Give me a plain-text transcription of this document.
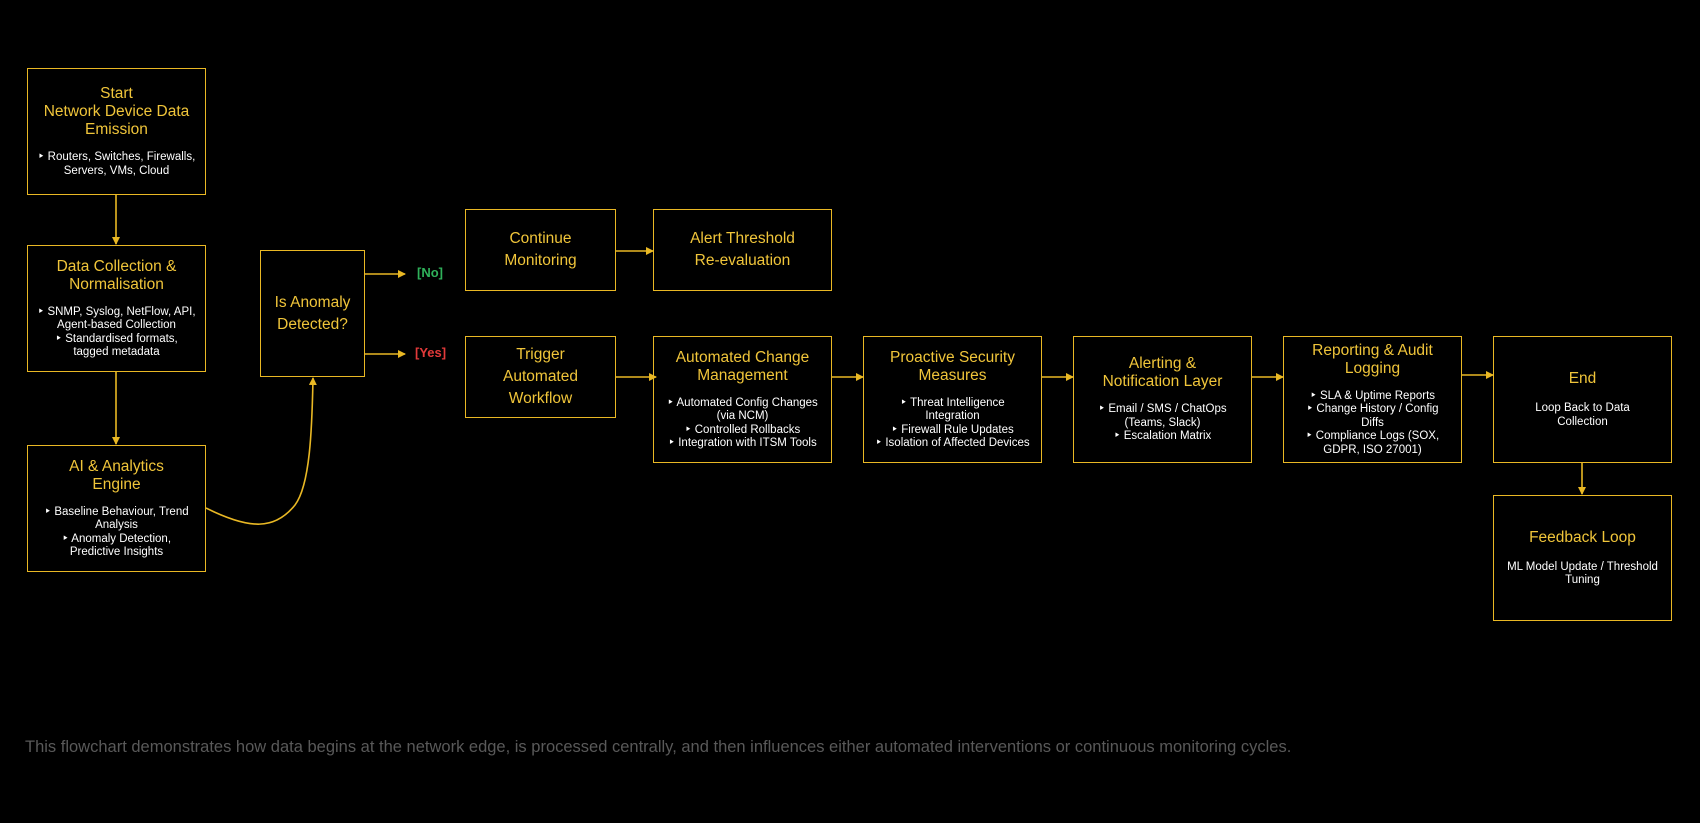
Start
Network Device Data
Emission
‣ Routers, Switches, Firewalls,
Servers, VMs, Cloud
Data Collection &
Normalisation
‣ SNMP, Syslog, NetFlow, API,
Agent-based Collection
‣ Standardised formats,
tagged metadata
AI & Analytics
Engine
‣ Baseline Behaviour, Trend
Analysis
‣ Anomaly Detection,
Predictive Insights
Is Anomaly
Detected?
[No]
[Yes]
Continue
Monitoring
Alert Threshold
Re-evaluation
Trigger
Automated
Workflow
Automated Change
Management
‣ Automated Config Changes
(via NCM)
‣ Controlled Rollbacks
‣ Integration with ITSM Tools
Proactive Security
Measures
‣ Threat Intelligence
Integration
‣ Firewall Rule Updates
‣ Isolation of Affected Devices
Alerting &
Notification Layer
‣ Email / SMS / ChatOps
(Teams, Slack)
‣ Escalation Matrix
Reporting & Audit
Logging
‣ SLA & Uptime Reports
‣ Change History / Config
Diffs
‣ Compliance Logs (SOX,
GDPR, ISO 27001)
End
Loop Back to Data
Collection
Feedback Loop
ML Model Update / Threshold
Tuning
This flowchart demonstrates how data begins at the network edge, is processed centrally, and then influences either automated interventions or continuous monitoring cycles.
